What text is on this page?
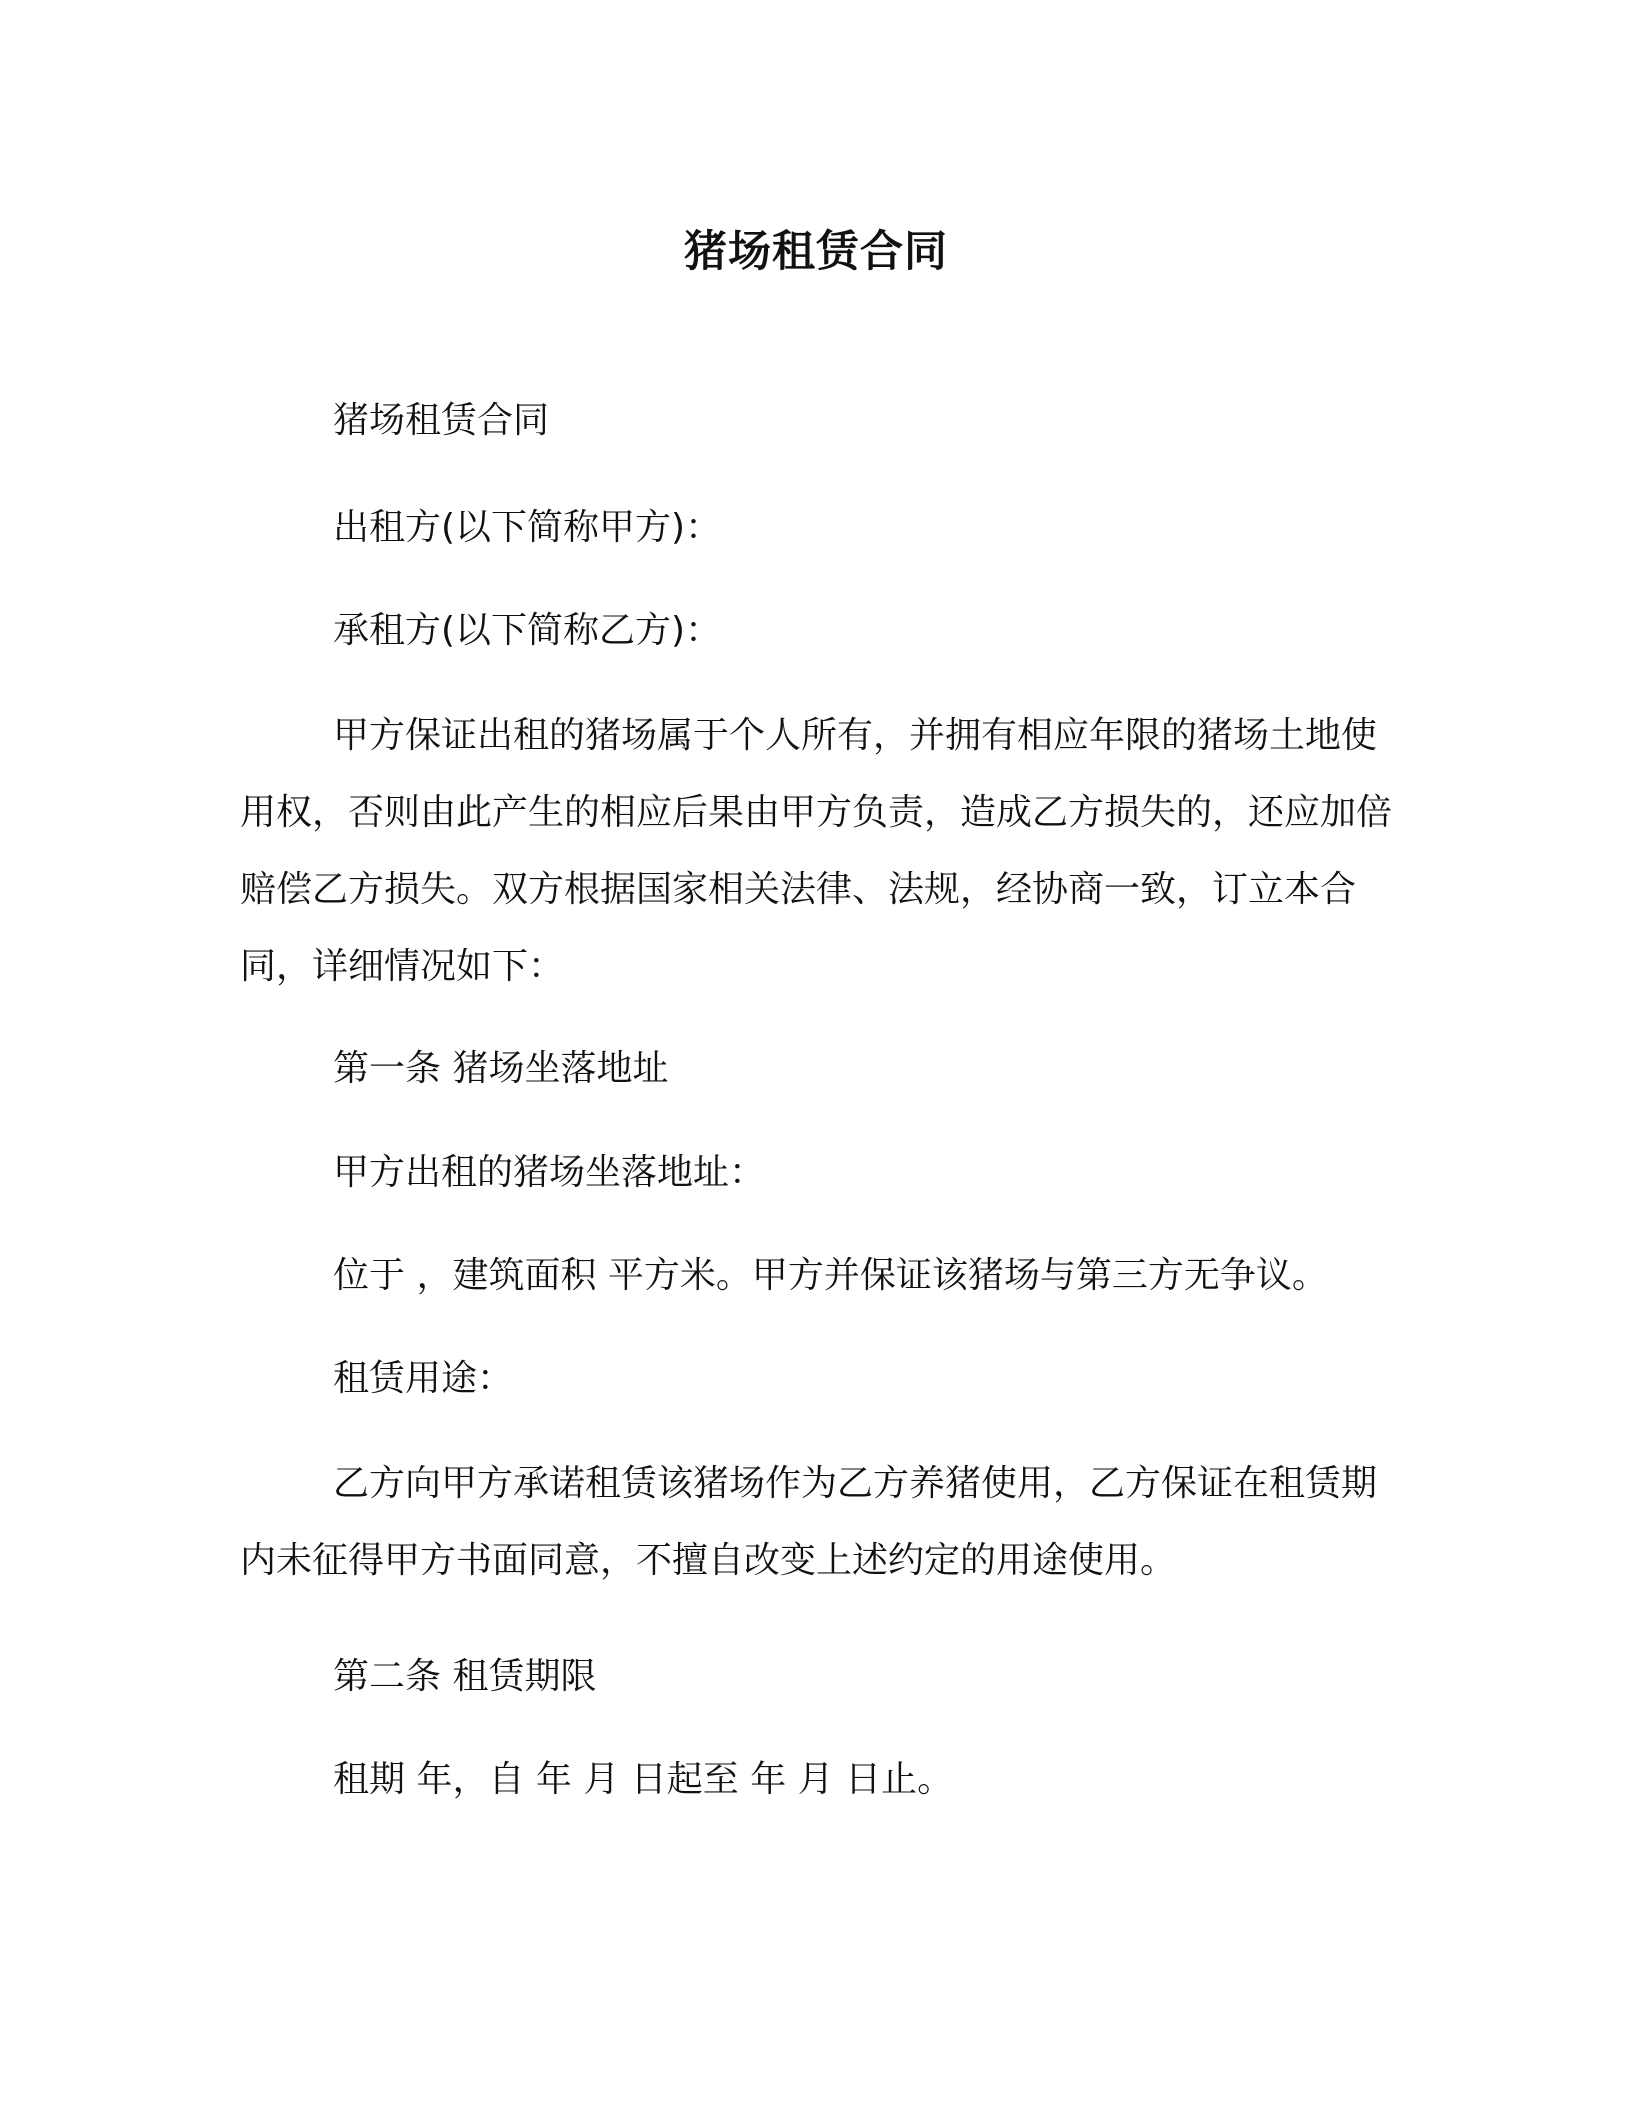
猪场租赁合同

猪场租赁合同

出租方(以下简称甲方)：

承租方(以下简称乙方)：

甲方保证出租的猪场属于个人所有，并拥有相应年限的猪场土地使用权，否则由此产生的相应后果由甲方负责，造成乙方损失的，还应加倍赔偿乙方损失。双方根据国家相关法律、法规，经协商一致，订立本合同，详细情况如下：

第一条 猪场坐落地址

甲方出租的猪场坐落地址：

位于 ，建筑面积 平方米。甲方并保证该猪场与第三方无争议。

租赁用途：

乙方向甲方承诺租赁该猪场作为乙方养猪使用，乙方保证在租赁期内未征得甲方书面同意，不擅自改变上述约定的用途使用。

第二条 租赁期限

租期 年，自 年 月 日起至 年 月 日止。
